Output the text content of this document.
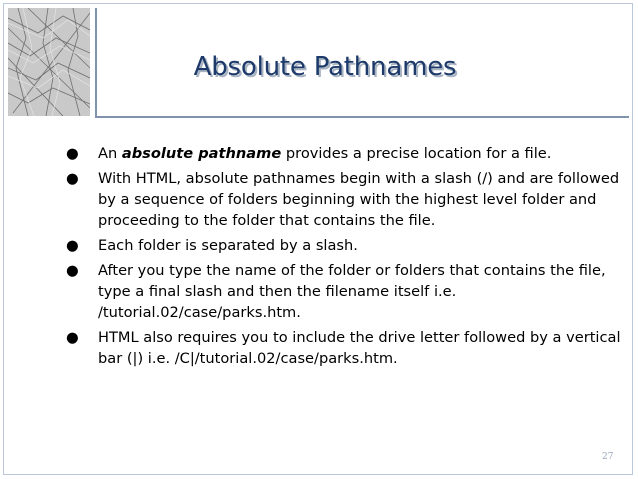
Absolute Pathnames
● An absolute pathname provides a precise location for a file.
● With HTML, absolute pathnames begin with a slash (/) and are followed by a sequence of folders beginning with the highest level folder and proceeding to the folder that contains the file.
● Each folder is separated by a slash.
● After you type the name of the folder or folders that contains the file, type a final slash and then the filename itself i.e. /tutorial.02/case/parks.htm.
● HTML also requires you to include the drive letter followed by a vertical bar (|) i.e. /C|/tutorial.02/case/parks.htm.
27
